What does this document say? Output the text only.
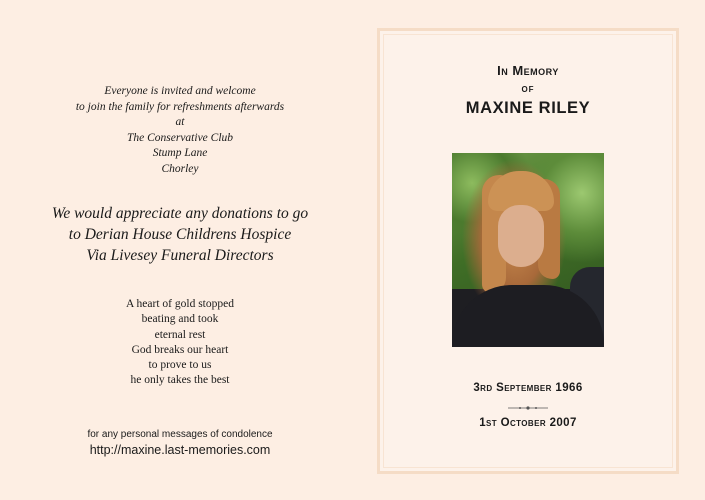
Everyone is invited and welcome
to join the family for refreshments afterwards
at
The Conservative Club
Stump Lane
Chorley
We would appreciate any donations to go
to Derian House Childrens Hospice
Via Livesey Funeral Directors
A heart of gold stopped
beating and took
eternal rest
God breaks our heart
to prove to us
he only takes the best
for any personal messages of condolence
http://maxine.last-memories.com
In Memory
of
MAXINE RILEY
3rd September 1966
1st October 2007
